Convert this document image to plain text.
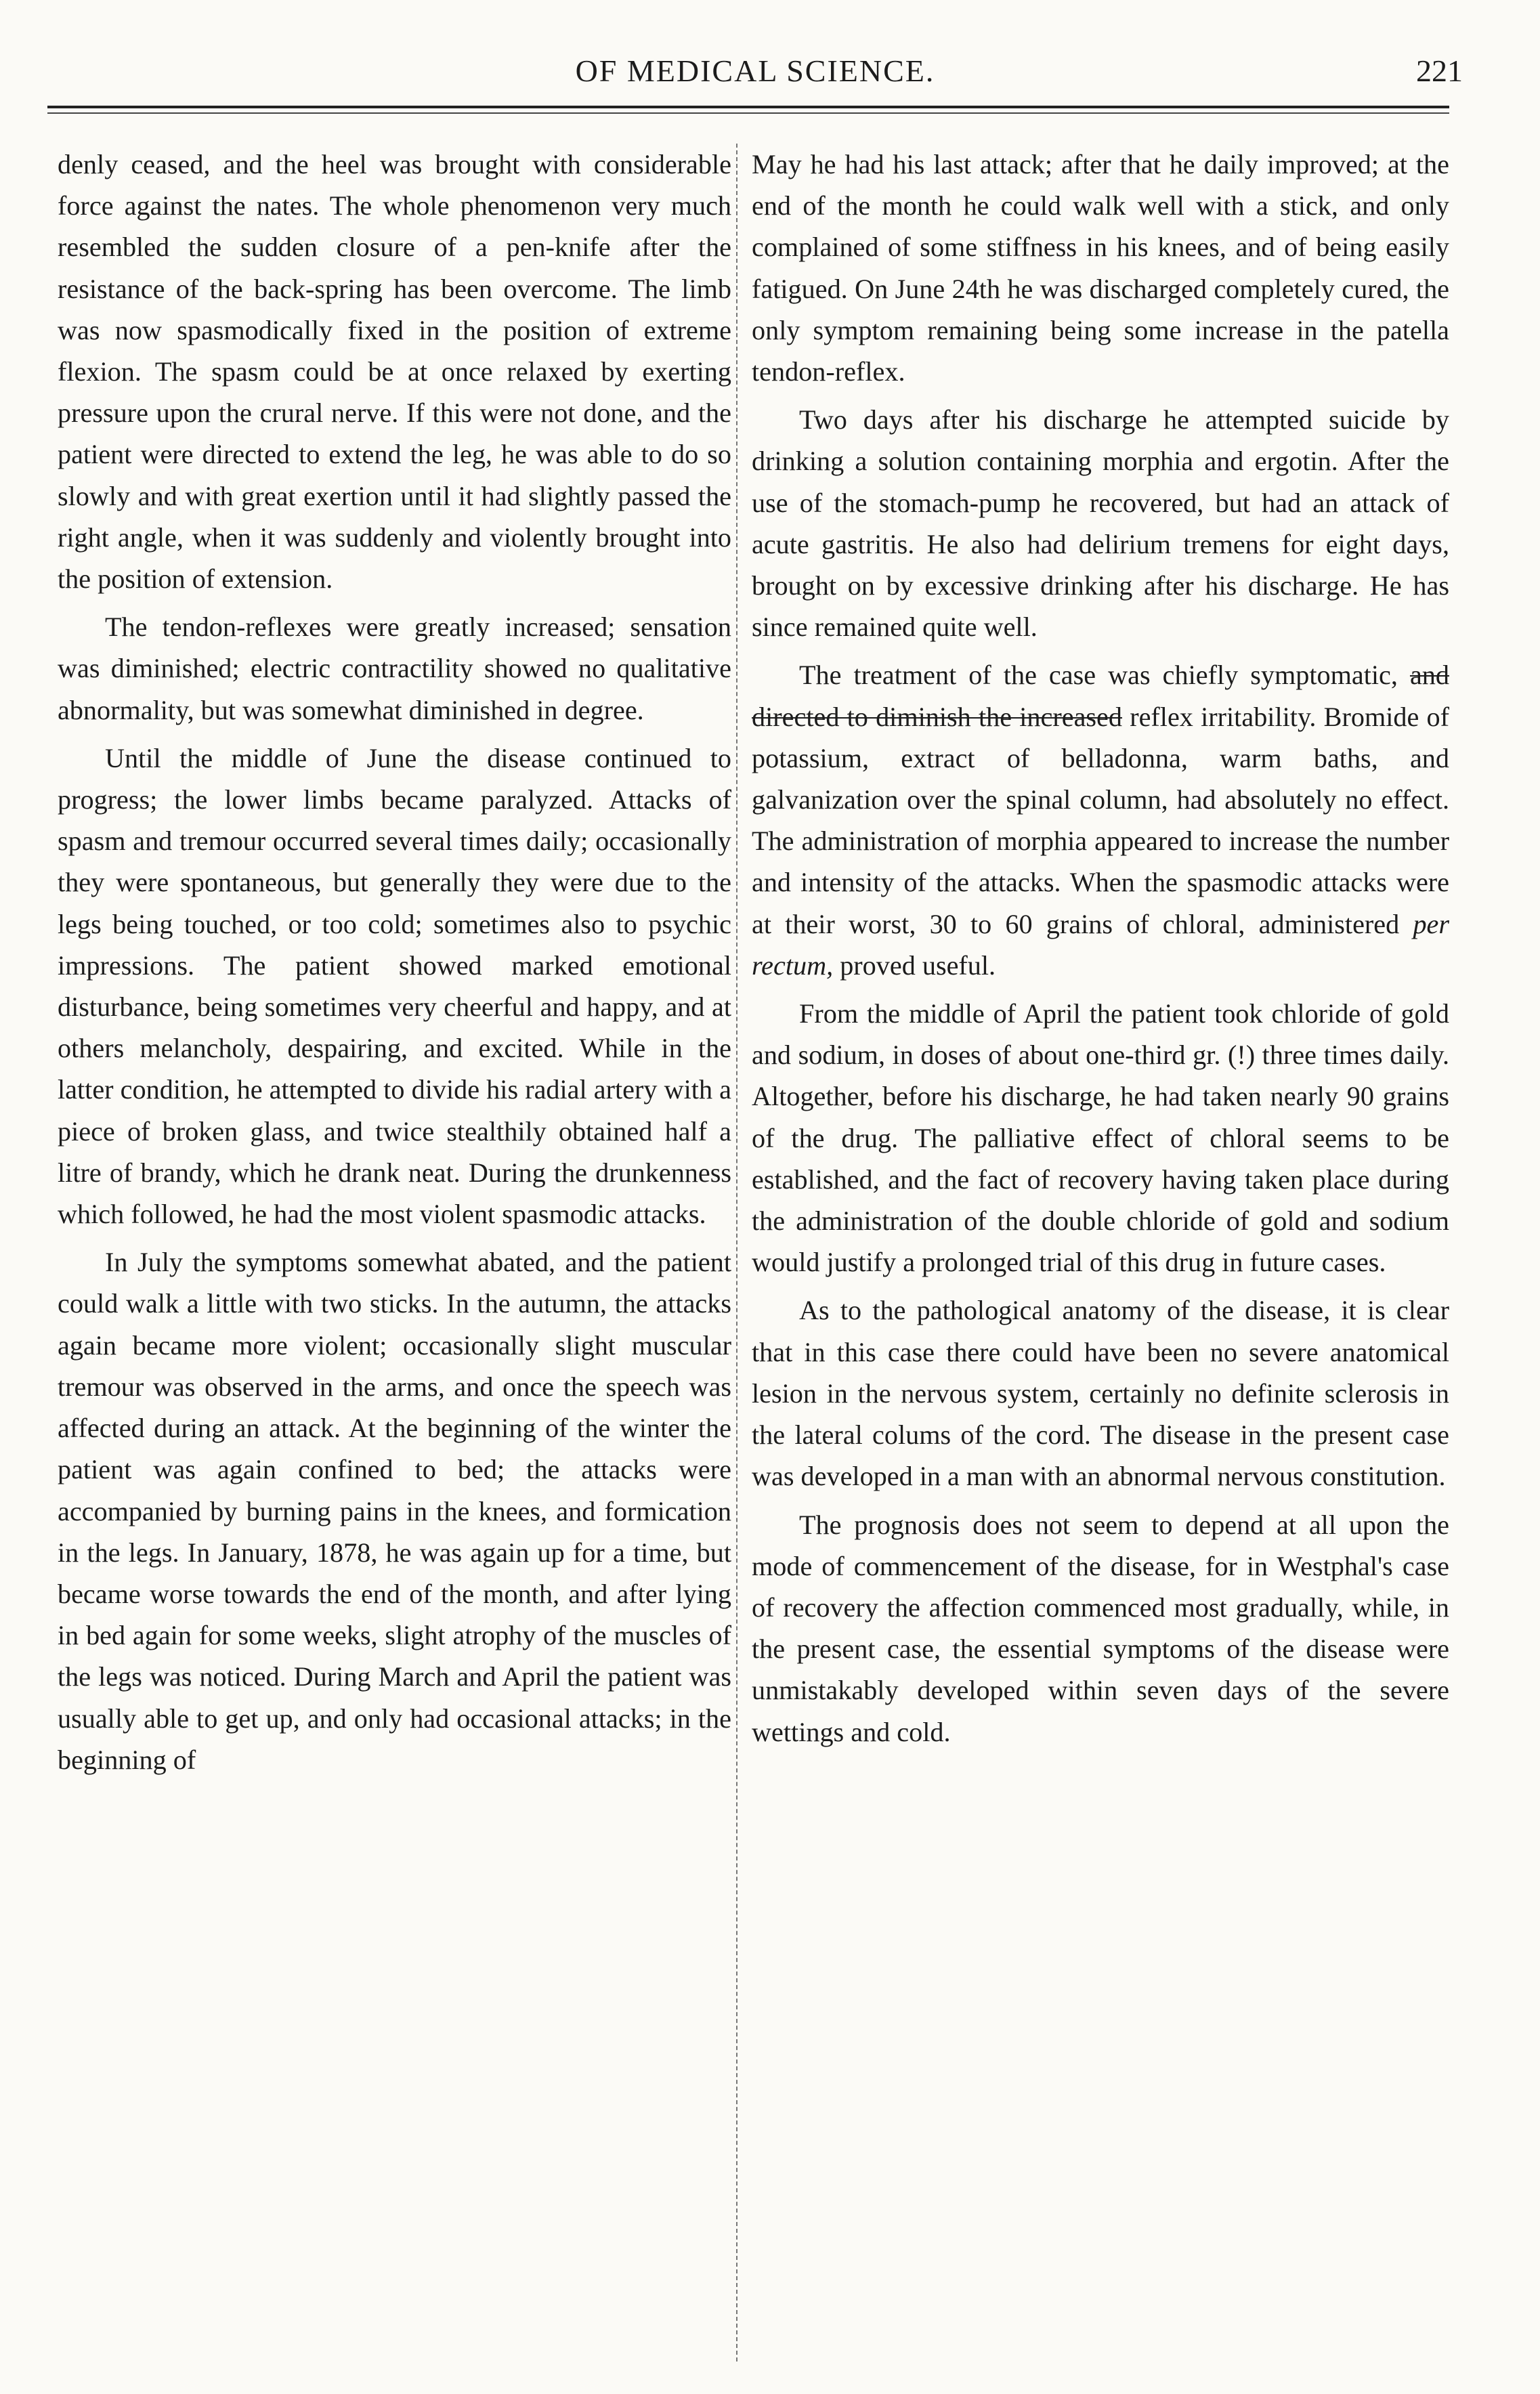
OF MEDICAL SCIENCE.	221

denly ceased, and the heel was brought with considerable force against the nates. The whole phenomenon very much resembled the sudden closure of a pen-knife after the resistance of the back-spring has been overcome. The limb was now spasmodically fixed in the position of extreme flexion. The spasm could be at once relaxed by exerting pressure upon the crural nerve. If this were not done, and the patient were directed to extend the leg, he was able to do so slowly and with great exertion until it had slightly passed the right angle, when it was suddenly and violently brought into the position of extension.

The tendon-reflexes were greatly increased; sensation was diminished; electric contractility showed no qualitative abnormality, but was somewhat diminished in degree.

Until the middle of June the disease continued to progress; the lower limbs became paralyzed. Attacks of spasm and tremour occurred several times daily; occasionally they were spontaneous, but generally they were due to the legs being touched, or too cold; sometimes also to psychic impressions. The patient showed marked emotional disturbance, being sometimes very cheerful and happy, and at others melancholy, despairing, and excited. While in the latter condition, he attempted to divide his radial artery with a piece of broken glass, and twice stealthily obtained half a litre of brandy, which he drank neat. During the drunkenness which followed, he had the most violent spasmodic attacks.

In July the symptoms somewhat abated, and the patient could walk a little with two sticks. In the autumn, the attacks again became more violent; occasionally slight muscular tremour was observed in the arms, and once the speech was affected during an attack. At the beginning of the winter the patient was again confined to bed; the attacks were accompanied by burning pains in the knees, and formication in the legs. In January, 1878, he was again up for a time, but became worse towards the end of the month, and after lying in bed again for some weeks, slight atrophy of the muscles of the legs was noticed. During March and April the patient was usually able to get up, and only had occasional attacks; in the beginning of

May he had his last attack; after that he daily improved; at the end of the month he could walk well with a stick, and only complained of some stiffness in his knees, and of being easily fatigued. On June 24th he was discharged completely cured, the only symptom remaining being some increase in the patella tendon-reflex.

Two days after his discharge he attempted suicide by drinking a solution containing morphia and ergotin. After the use of the stomach-pump he recovered, but had an attack of acute gastritis. He also had delirium tremens for eight days, brought on by excessive drinking after his discharge. He has since remained quite well.

The treatment of the case was chiefly symptomatic, and directed to diminish the increased reflex irritability. Bromide of potassium, extract of belladonna, warm baths, and galvanization over the spinal column, had absolutely no effect. The administration of morphia appeared to increase the number and intensity of the attacks. When the spasmodic attacks were at their worst, 30 to 60 grains of chloral, administered per rectum, proved useful.

From the middle of April the patient took chloride of gold and sodium, in doses of about one-third gr. (!) three times daily. Altogether, before his discharge, he had taken nearly 90 grains of the drug. The palliative effect of chloral seems to be established, and the fact of recovery having taken place during the administration of the double chloride of gold and sodium would justify a prolonged trial of this drug in future cases.

As to the pathological anatomy of the disease, it is clear that in this case there could have been no severe anatomical lesion in the nervous system, certainly no definite sclerosis in the lateral colums of the cord. The disease in the present case was developed in a man with an abnormal nervous constitution.

The prognosis does not seem to depend at all upon the mode of commencement of the disease, for in Westphal's case of recovery the affection commenced most gradually, while, in the present case, the essential symptoms of the disease were unmistakably developed within seven days of the severe wettings and cold.
